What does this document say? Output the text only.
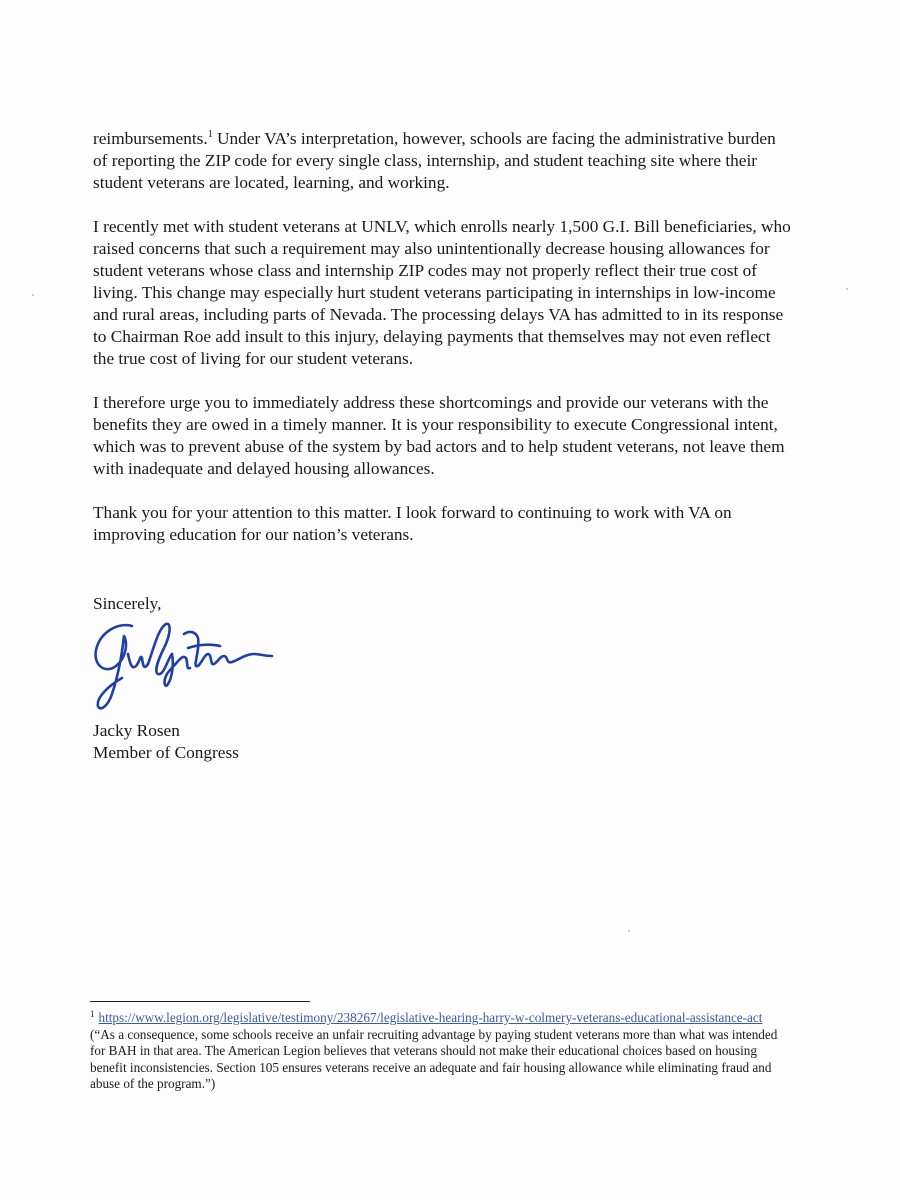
reimbursements.$^1$ Under VA’s interpretation, however, schools are facing the administrative burden of reporting the ZIP code for every single class, internship, and student teaching site where their student veterans are located, learning, and working.

I recently met with student veterans at UNLV, which enrolls nearly 1,500 G.I. Bill beneficiaries, who raised concerns that such a requirement may also unintentionally decrease housing allowances for student veterans whose class and internship ZIP codes may not properly reflect their true cost of living. This change may especially hurt student veterans participating in internships in low-income and rural areas, including parts of Nevada. The processing delays VA has admitted to in its response to Chairman Roe add insult to this injury, delaying payments that themselves may not even reflect the true cost of living for our student veterans.

I therefore urge you to immediately address these shortcomings and provide our veterans with the benefits they are owed in a timely manner. It is your responsibility to execute Congressional intent, which was to prevent abuse of the system by bad actors and to help student veterans, not leave them with inadequate and delayed housing allowances.

Thank you for your attention to this matter. I look forward to continuing to work with VA on improving education for our nation’s veterans.

Sincerely,
Jacky Rosen
Member of Congress
$^1$ https://www.legion.org/legislative/testimony/238267/legislative-hearing-harry-w-colmery-veterans-educational-assistance-act (“As a consequence, some schools receive an unfair recruiting advantage by paying student veterans more than what was intended for BAH in that area. The American Legion believes that veterans should not make their educational choices based on housing benefit inconsistencies. Section 105 ensures veterans receive an adequate and fair housing allowance while eliminating fraud and abuse of the program.”)
